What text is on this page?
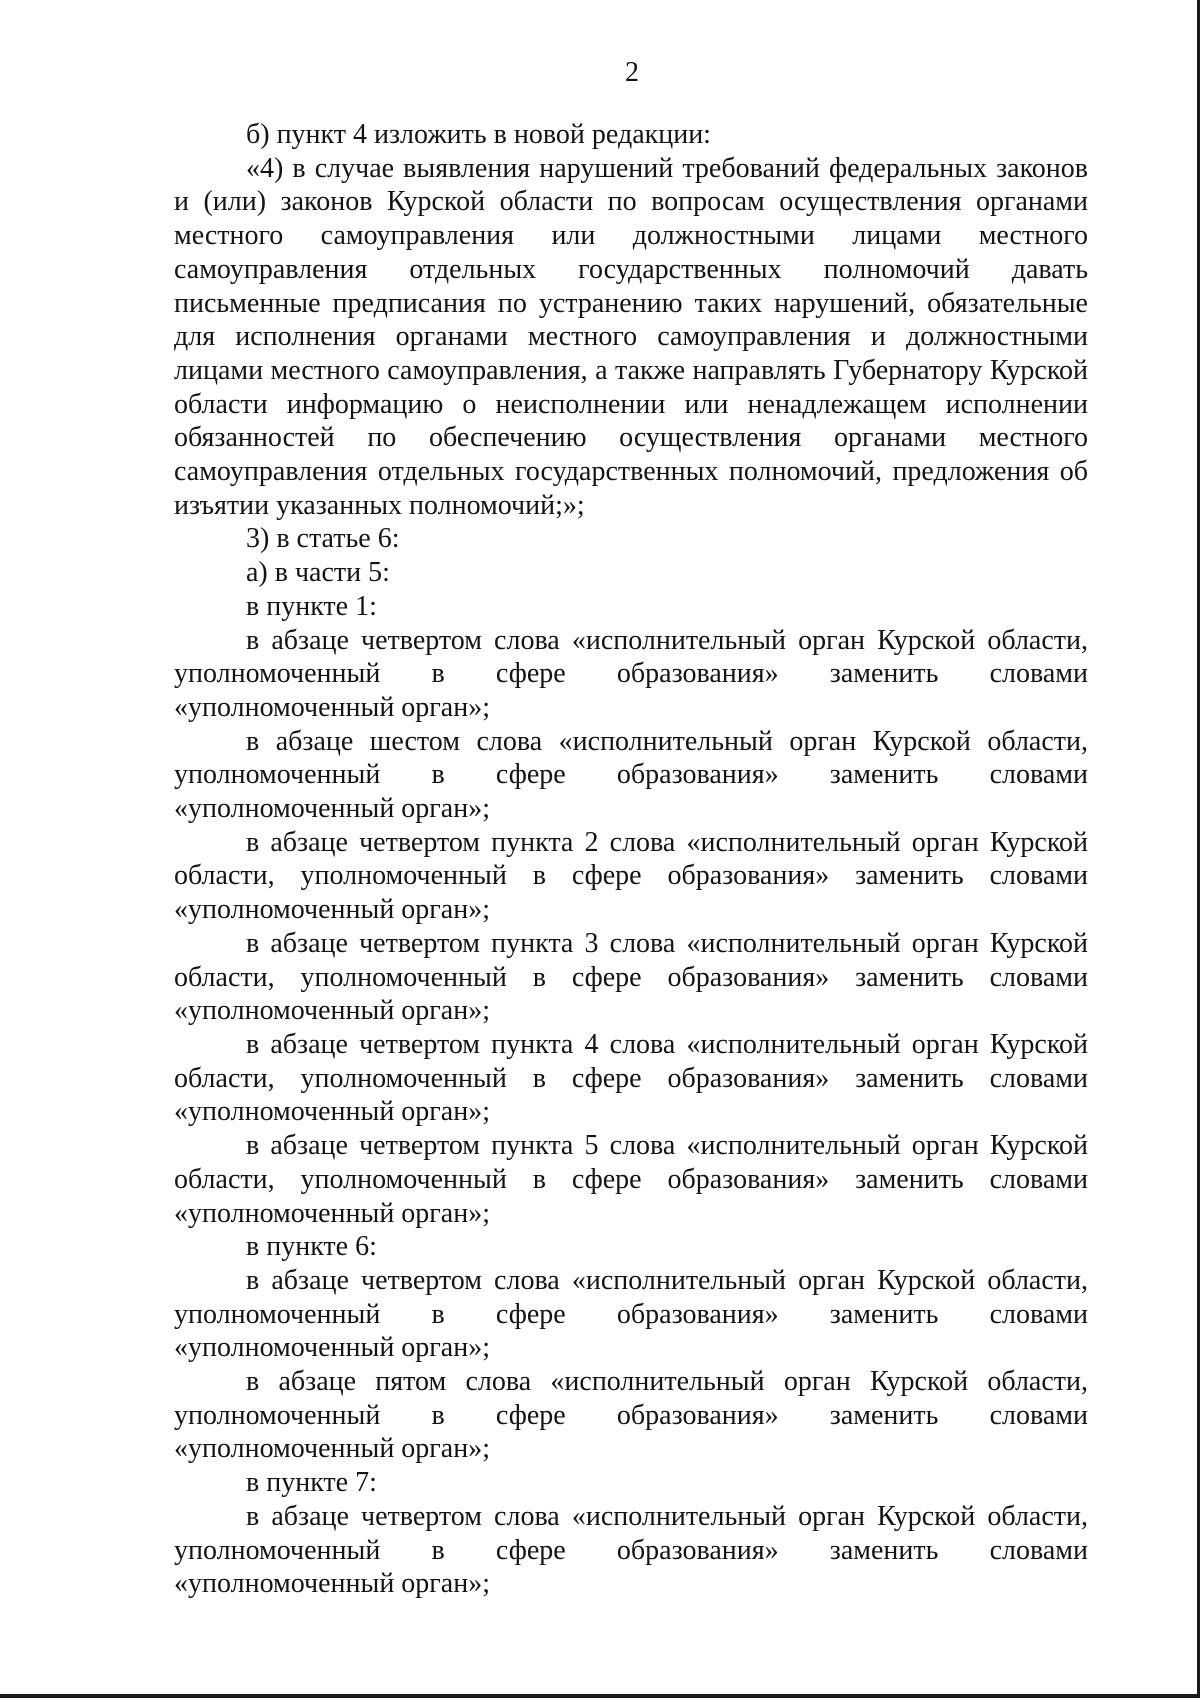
2

б) пункт 4 изложить в новой редакции:

«4) в случае выявления нарушений требований федеральных законов и (или) законов Курской области по вопросам осуществления органами местного самоуправления или должностными лицами местного самоуправления отдельных государственных полномочий давать письменные предписания по устранению таких нарушений, обязательные для исполнения органами местного самоуправления и должностными лицами местного самоуправления, а также направлять Губернатору Курской области информацию о неисполнении или ненадлежащем исполнении обязанностей по обеспечению осуществления органами местного самоуправления отдельных государственных полномочий, предложения об изъятии указанных полномочий;»;

3) в статье 6:

а) в части 5:

в пункте 1:

в абзаце четвертом слова «исполнительный орган Курской области, уполномоченный в сфере образования» заменить словами «уполномоченный орган»;

в абзаце шестом слова «исполнительный орган Курской области, уполномоченный в сфере образования» заменить словами «уполномоченный орган»;

в абзаце четвертом пункта 2 слова «исполнительный орган Курской области, уполномоченный в сфере образования» заменить словами «уполномоченный орган»;

в абзаце четвертом пункта 3 слова «исполнительный орган Курской области, уполномоченный в сфере образования» заменить словами «уполномоченный орган»;

в абзаце четвертом пункта 4 слова «исполнительный орган Курской области, уполномоченный в сфере образования» заменить словами «уполномоченный орган»;

в абзаце четвертом пункта 5 слова «исполнительный орган Курской области, уполномоченный в сфере образования» заменить словами «уполномоченный орган»;

в пункте 6:

в абзаце четвертом слова «исполнительный орган Курской области, уполномоченный в сфере образования» заменить словами «уполномоченный орган»;

в абзаце пятом слова «исполнительный орган Курской области, уполномоченный в сфере образования» заменить словами «уполномоченный орган»;

в пункте 7:

в абзаце четвертом слова «исполнительный орган Курской области, уполномоченный в сфере образования» заменить словами «уполномоченный орган»;
